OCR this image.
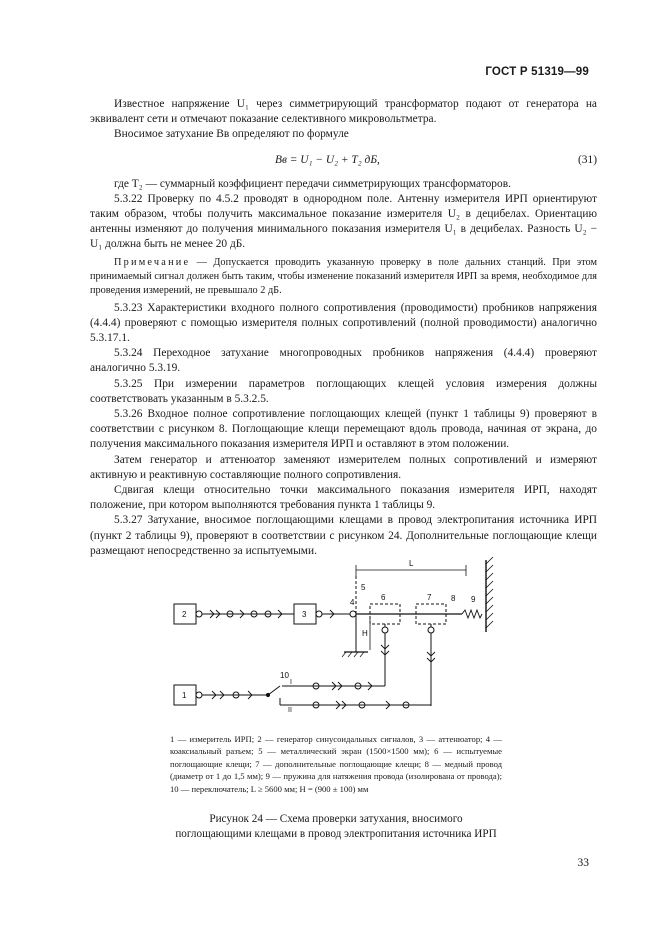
ГОСТ Р 51319—99

Известное напряжение U₁ через симметрирующий трансформатор подают от генератора на эквивалент сети и отмечают показание селективного микровольтметра.

Вносимое затухание Bв определяют по формуле

Bв = U₁ − U₂ + T₂ дБ,	(31)

где T₂ — суммарный коэффициент передачи симметрирующих трансформаторов.

5.3.22 Проверку по 4.5.2 проводят в однородном поле. Антенну измерителя ИРП ориентируют таким образом, чтобы получить максимальное показание измерителя U₂ в децибелах. Ориентацию антенны изменяют до получения минимального показания измерителя U₁ в децибелах. Разность U₂ − U₁ должна быть не менее 20 дБ.

Примечание — Допускается проводить указанную проверку в поле дальних станций. При этом принимаемый сигнал должен быть таким, чтобы изменение показаний измерителя ИРП за время, необходимое для проведения измерений, не превышало 2 дБ.

5.3.23 Характеристики входного полного сопротивления (проводимости) пробников напряжения (4.4.4) проверяют с помощью измерителя полных сопротивлений (полной проводимости) аналогично 5.3.17.1.

5.3.24 Переходное затухание многопроводных пробников напряжения (4.4.4) проверяют аналогично 5.3.19.

5.3.25 При измерении параметров поглощающих клещей условия измерения должны соответствовать указанным в 5.3.2.5.

5.3.26 Входное полное сопротивление поглощающих клещей (пункт 1 таблицы 9) проверяют в соответствии с рисунком 8. Поглощающие клещи перемещают вдоль провода, начиная от экрана, до получения максимального показания измерителя ИРП и оставляют в этом положении.

Затем генератор и аттенюатор заменяют измерителем полных сопротивлений и измеряют активную и реактивную составляющие полного сопротивления.

Сдвигая клещи относительно точки максимального показания измерителя ИРП, находят положение, при котором выполняются требования пункта 1 таблицы 9.

5.3.27 Затухание, вносимое поглощающими клещами в провод электропитания источника ИРП (пункт 2 таблицы 9), проверяют в соответствии с рисунком 24. Дополнительные поглощающие клещи размещают непосредственно за испытуемыми.

L
5
2	3
4	8 9
6	7
H
1
10
I
II
1 — измеритель ИРП; 2 — генератор синусоидальных сигналов, 3 — аттенюатор; 4 — коаксиальный разъем; 5 — металлический экран (1500×1500 мм); 6 — испытуемые поглощающие клещи; 7 — дополнительные поглощающие клещи; 8 — медный провод (диаметр от 1 до 1,5 мм); 9 — пружина для натяжения провода (изолирована от провода); 10 — переключатель; L ≥ 5600 мм; H = (900 ± 100) мм
Рисунок 24 — Схема проверки затухания, вносимого поглощающими клещами в провод электропитания источника ИРП
33
